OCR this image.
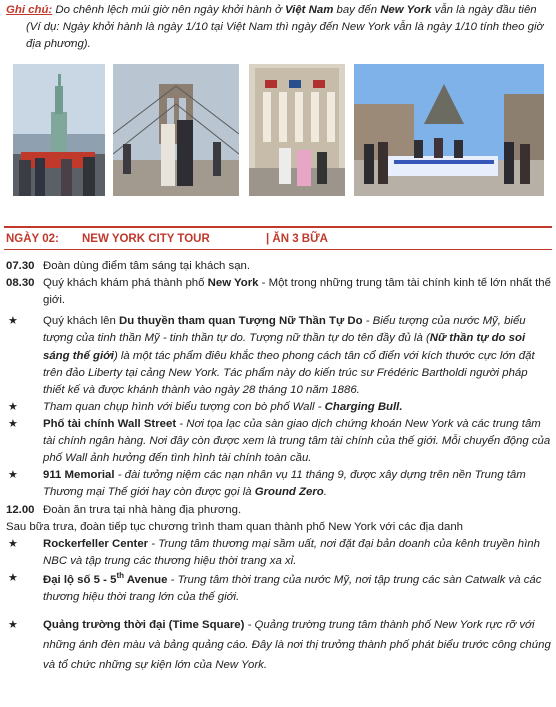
Ghi chú: Do chênh lệch múi giờ nên ngày khởi hành ở Việt Nam bay đến New York vẫn là ngày đầu tiên (Ví dụ: Ngày khởi hành là ngày 1/10 tại Việt Nam thì ngày đến New York vẫn là ngày 1/10 tính theo giờ địa phương).

NGÀY 02: NEW YORK CITY TOUR	| ĂN 3 BỮA
07.30 Đoàn dùng điểm tâm sáng tại khách sạn.
08.30 Quý khách khám phá thành phố New York - Một trong những trung tâm tài chính kinh tế lớn nhất thế giới.
★ Quý khách lên Du thuyền tham quan Tượng Nữ Thần Tự Do - Biểu tượng của nước Mỹ, biểu tượng của tinh thần Mỹ - tinh thần tự do. Tượng nữ thần tự do tên đầy đủ là (Nữ thần tự do soi sáng thế giới) là một tác phẩm điêu khắc theo phong cách tân cổ điển với kích thước cực lớn đặt trên đảo Liberty tại cảng New York. Tác phẩm này do kiến trúc sư Frédéric Bartholdi người pháp thiết kế và được khánh thành vào ngày 28 tháng 10 năm 1886.
★ Tham quan chụp hình với biểu tượng con bò phố Wall - Charging Bull.
★ Phố tài chính Wall Street - Nơi tọa lạc của sàn giao dịch chứng khoán New York và các trung tâm tài chính ngân hàng. Nơi đây còn được xem là trung tâm tài chính của thế giới. Mỗi chuyển động của phố Wall ảnh hưởng đến tình hình tài chính toàn cầu.
★ 911 Memorial - đài tưởng niệm các nạn nhân vụ 11 tháng 9, được xây dựng trên nền Trung tâm Thương mại Thế giới hay còn được gọi là Ground Zero.
12.00 Đoàn ăn trưa tại nhà hàng địa phương.
Sau bữa trưa, đoàn tiếp tục chương trình tham quan thành phố New York với các địa danh
★ Rockerfeller Center - Trung tâm thương mại sầm uất, nơi đặt đại bản doanh của kênh truyền hình NBC và tập trung các thương hiệu thời trang xa xỉ.
★ Đại lộ số 5 - 5th Avenue - Trung tâm thời trang của nước Mỹ, nơi tập trung các sàn Catwalk và các thương hiệu thời trang lớn của thế giới.
★ Quảng trường thời đại (Time Square) - Quảng trường trung tâm thành phố New York rực rỡ với những ánh đèn màu và bảng quảng cáo. Đây là nơi thị trưởng thành phố phát biểu trước công chúng và tổ chức những sự kiện lớn của New York.
